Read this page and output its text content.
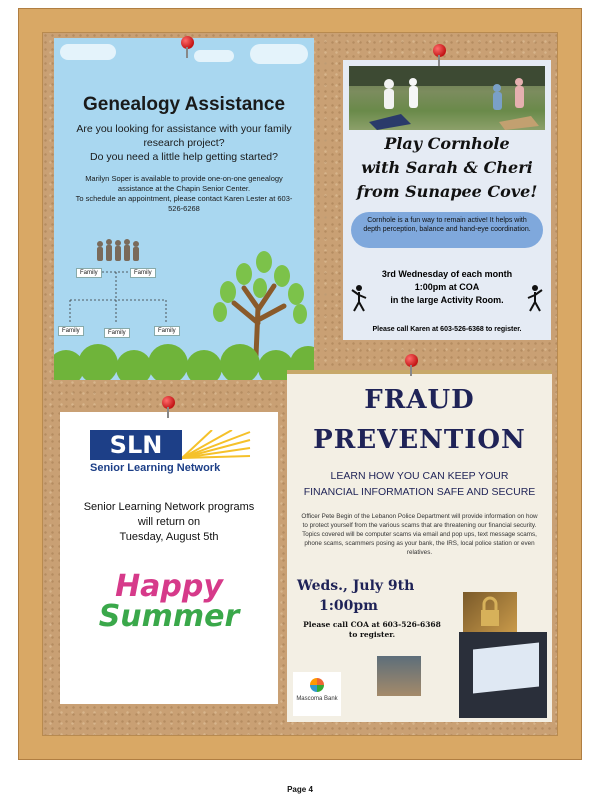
Genealogy Assistance
Are you looking for assistance with your family research project?
Do you need a little help getting started?
Marilyn Soper is available to provide one-on-one genealogy assistance at the Chapin Senior Center.
To schedule an appointment, please contact Karen Lester at 603-526-6268
Family	Family
Family	Family	Family
Play Cornhole
with Sarah & Cheri
from Sunapee Cove!
Cornhole is a fun way to remain active! It helps with depth perception, balance and hand-eye coordination.
3rd Wednesday of each month
1:00pm at COA
in the large Activity Room.
Please call Karen at 603-526-6368 to register.
SLN
Senior Learning Network
Senior Learning Network programs
will return on
Tuesday, August 5th
Happy
Summer
FRAUD
PREVENTION
LEARN HOW YOU CAN KEEP YOUR
FINANCIAL INFORMATION SAFE AND SECURE
Officer Pete Begin of the Lebanon Police Department will provide information on how to protect yourself from the various scams that are threatening our financial security. Topics covered will be computer scams via email and pop ups, text message scams, phone scams, scammers posing as your bank, the IRS, local police station or even relatives.
Weds., July 9th
1:00pm
Please call COA at 603-526-6368
to register.
Mascoma Bank
Page 4
